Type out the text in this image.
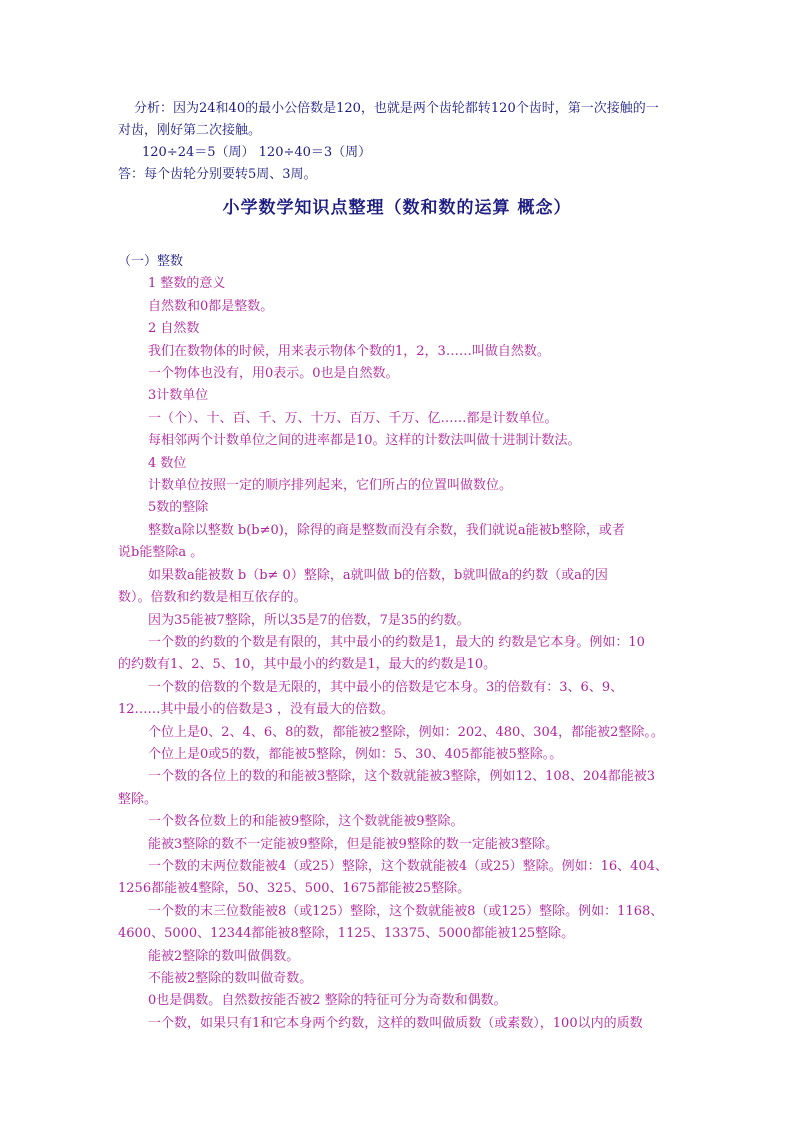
分析：因为24和40的最小公倍数是120，也就是两个齿轮都转120个齿时，第一次接触的一

对齿，刚好第二次接触。

120÷24＝5（周） 120÷40＝3（周）

答：每个齿轮分别要转5周、3周。

小学数学知识点整理（数和数的运算 概念）

（一）整数

1 整数的意义

自然数和0都是整数。

2 自然数

我们在数物体的时候，用来表示物体个数的1，2，3……叫做自然数。

一个物体也没有，用0表示。0也是自然数。

3计数单位

一（个）、十、百、千、万、十万、百万、千万、亿……都是计数单位。

每相邻两个计数单位之间的进率都是10。这样的计数法叫做十进制计数法。

4 数位

计数单位按照一定的顺序排列起来，它们所占的位置叫做数位。

5数的整除

整数a除以整数 b(b≠0)，除得的商是整数而没有余数，我们就说a能被b整除，或者

说b能整除a 。

如果数a能被数 b（b≠ 0）整除，a就叫做 b的倍数，b就叫做a的约数（或a的因

数）。倍数和约数是相互依存的。

因为35能被7整除，所以35是7的倍数，7是35的约数。

一个数的约数的个数是有限的，其中最小的约数是1，最大的 约数是它本身。例如：10

的约数有1、2、5、10，其中最小的约数是1，最大的约数是10。

一个数的倍数的个数是无限的，其中最小的倍数是它本身。3的倍数有：3、6、9、

12……其中最小的倍数是3 ，没有最大的倍数。

个位上是0、2、4、6、8的数，都能被2整除，例如：202、480、304，都能被2整除。。

个位上是0或5的数，都能被5整除，例如：5、30、405都能被5整除。。

一个数的各位上的数的和能被3整除，这个数就能被3整除，例如12、108、204都能被3

整除。

一个数各位数上的和能被9整除，这个数就能被9整除。

能被3整除的数不一定能被9整除，但是能被9整除的数一定能被3整除。

一个数的末两位数能被4（或25）整除，这个数就能被4（或25）整除。例如：16、404、

1256都能被4整除，50、325、500、1675都能被25整除。

一个数的末三位数能被8（或125）整除，这个数就能被8（或125）整除。例如：1168、

4600、5000、12344都能被8整除，1125、13375、5000都能被125整除。

能被2整除的数叫做偶数。

不能被2整除的数叫做奇数。

0也是偶数。自然数按能否被2 整除的特征可分为奇数和偶数。

一个数，如果只有1和它本身两个约数，这样的数叫做质数（或素数），100以内的质数
